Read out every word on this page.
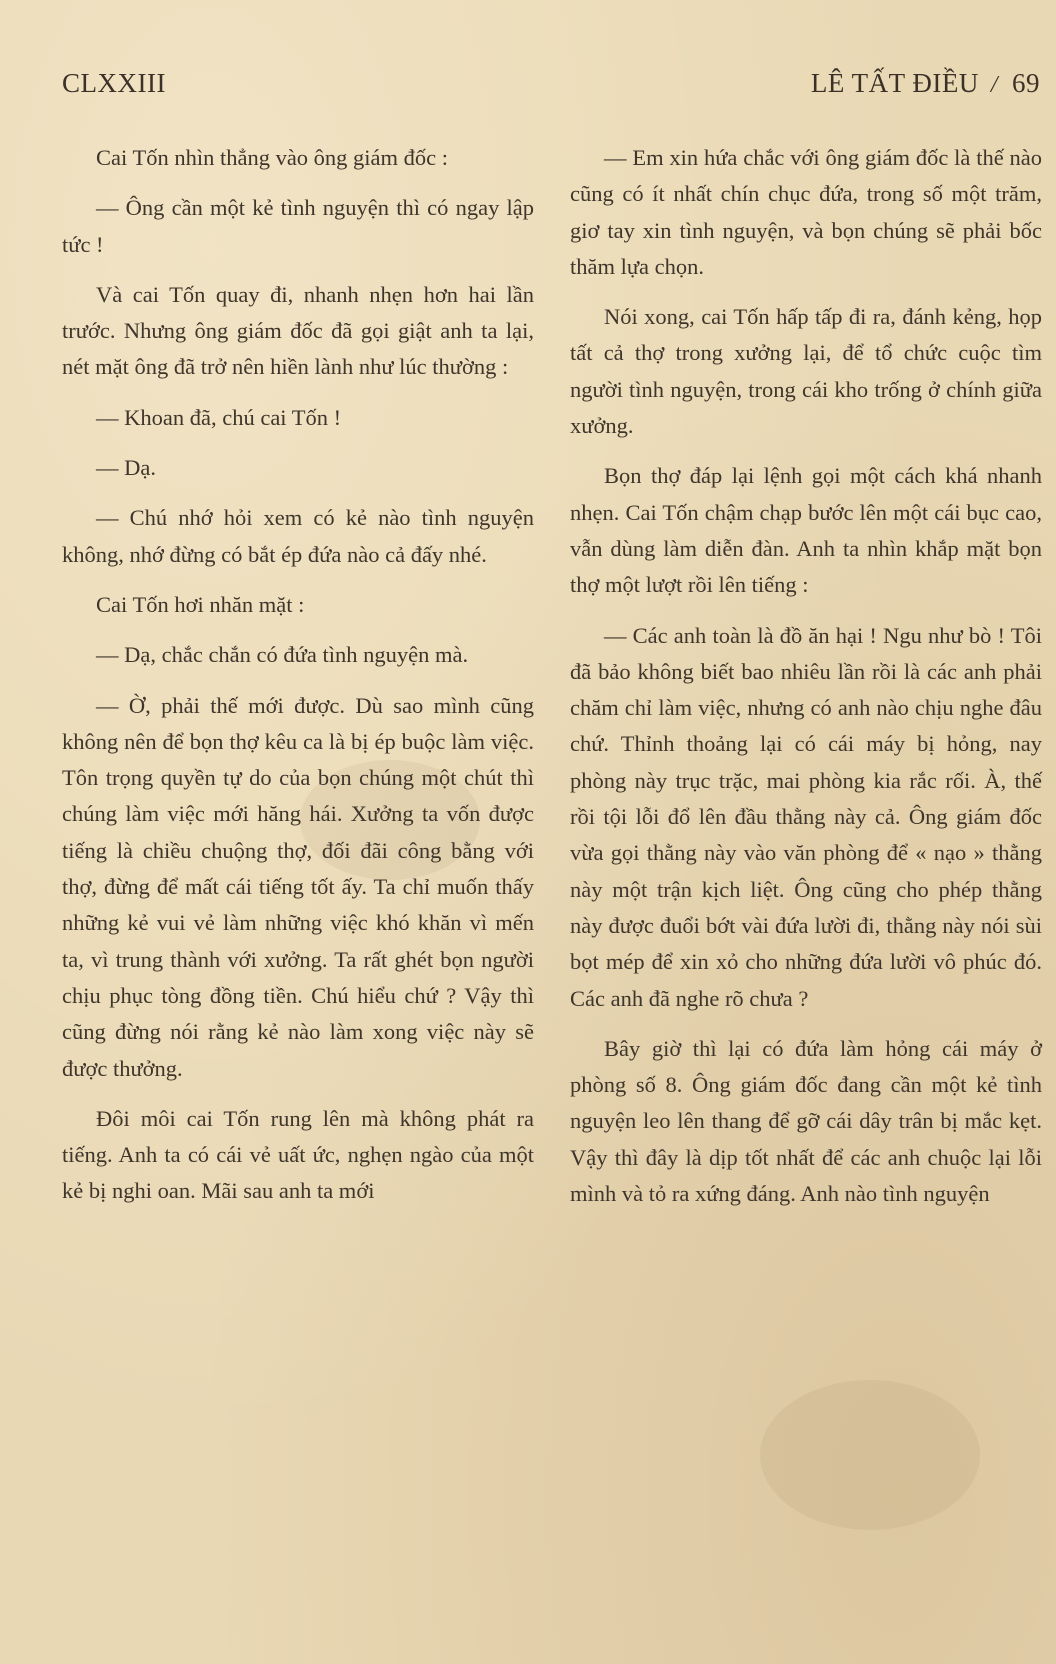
CLXXIII	LÊ TẤT ĐIỀU / 69

Cai Tốn nhìn thẳng vào ông giám đốc :

— Ông cần một kẻ tình nguyện thì có ngay lập tức !

Và cai Tốn quay đi, nhanh nhẹn hơn hai lần trước. Nhưng ông giám đốc đã gọi giật anh ta lại, nét mặt ông đã trở nên hiền lành như lúc thường :

— Khoan đã, chú cai Tốn !

— Dạ.

— Chú nhớ hỏi xem có kẻ nào tình nguyện không, nhớ đừng có bắt ép đứa nào cả đấy nhé.

Cai Tốn hơi nhăn mặt :

— Dạ, chắc chắn có đứa tình nguyện mà.

— Ờ, phải thế mới được. Dù sao mình cũng không nên để bọn thợ kêu ca là bị ép buộc làm việc. Tôn trọng quyền tự do của bọn chúng một chút thì chúng làm việc mới hăng hái. Xưởng ta vốn được tiếng là chiều chuộng thợ, đối đãi công bằng với thợ, đừng để mất cái tiếng tốt ấy. Ta chỉ muốn thấy những kẻ vui vẻ làm những việc khó khăn vì mến ta, vì trung thành với xưởng. Ta rất ghét bọn người chịu phục tòng đồng tiền. Chú hiểu chứ ? Vậy thì cũng đừng nói rằng kẻ nào làm xong việc này sẽ được thưởng.

Đôi môi cai Tốn rung lên mà không phát ra tiếng. Anh ta có cái vẻ uất ức, nghẹn ngào của một kẻ bị nghi oan. Mãi sau anh ta mới

— Em xin hứa chắc với ông giám đốc là thế nào cũng có ít nhất chín chục đứa, trong số một trăm, giơ tay xin tình nguyện, và bọn chúng sẽ phải bốc thăm lựa chọn.

Nói xong, cai Tốn hấp tấp đi ra, đánh kẻng, họp tất cả thợ trong xưởng lại, để tổ chức cuộc tìm người tình nguyện, trong cái kho trống ở chính giữa xưởng.

Bọn thợ đáp lại lệnh gọi một cách khá nhanh nhẹn. Cai Tốn chậm chạp bước lên một cái bục cao, vẫn dùng làm diễn đàn. Anh ta nhìn khắp mặt bọn thợ một lượt rồi lên tiếng :

— Các anh toàn là đồ ăn hại ! Ngu như bò ! Tôi đã bảo không biết bao nhiêu lần rồi là các anh phải chăm chỉ làm việc, nhưng có anh nào chịu nghe đâu chứ. Thỉnh thoảng lại có cái máy bị hỏng, nay phòng này trục trặc, mai phòng kia rắc rối. À, thế rồi tội lỗi đổ lên đầu thằng này cả. Ông giám đốc vừa gọi thằng này vào văn phòng để « nạo » thằng này một trận kịch liệt. Ông cũng cho phép thằng này được đuổi bớt vài đứa lười đi, thằng này nói sùi bọt mép để xin xỏ cho những đứa lười vô phúc đó. Các anh đã nghe rõ chưa ?

Bây giờ thì lại có đứa làm hỏng cái máy ở phòng số 8. Ông giám đốc đang cần một kẻ tình nguyện leo lên thang để gỡ cái dây trân bị mắc kẹt. Vậy thì đây là dịp tốt nhất để các anh chuộc lại lỗi mình và tỏ ra xứng đáng. Anh nào tình nguyện
